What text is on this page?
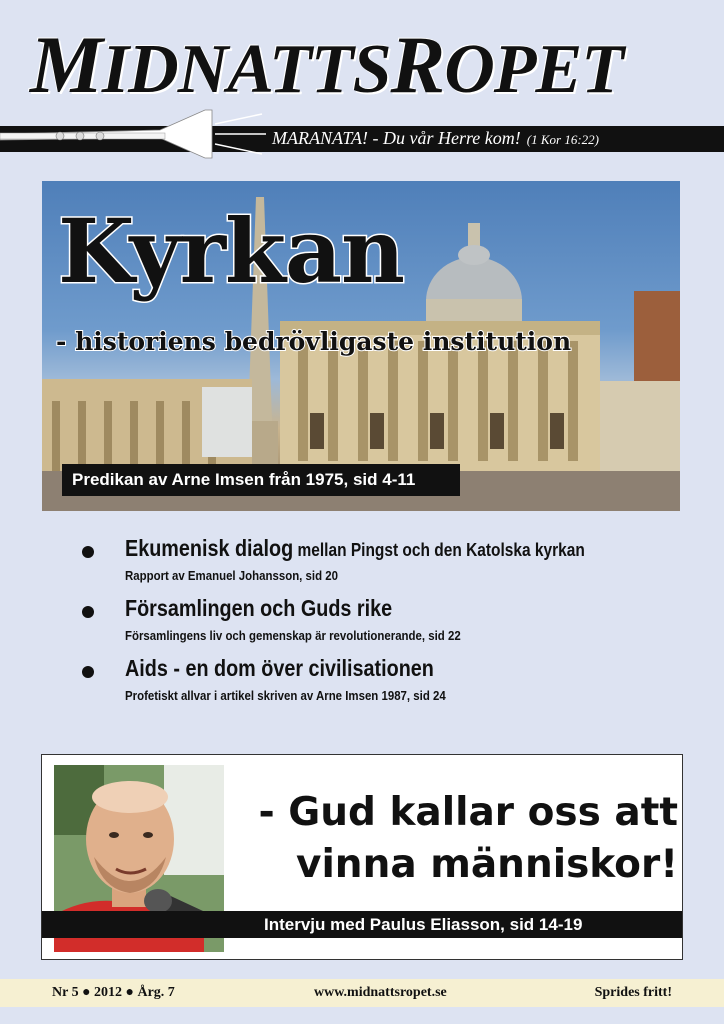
MIDNATTSROPET
MARANATA! - Du vår Herre kom! (1 Kor 16:22)
Kyrkan
- historiens bedrövligaste institution
Predikan av Arne Imsen från 1975, sid 4-11
Ekumenisk dialog mellan Pingst och den Katolska kyrkan
Rapport av Emanuel Johansson, sid 20
Församlingen och Guds rike
Församlingens liv och gemenskap är revolutionerande, sid 22
Aids - en dom över civilisationen
Profetiskt allvar i artikel skriven av Arne Imsen 1987, sid 24
- Gud kallar oss att
vinna människor!
Intervju med Paulus Eliasson, sid 14-19
Nr 5 ● 2012 ● Årg. 7	www.midnattsropet.se	Sprides fritt!
